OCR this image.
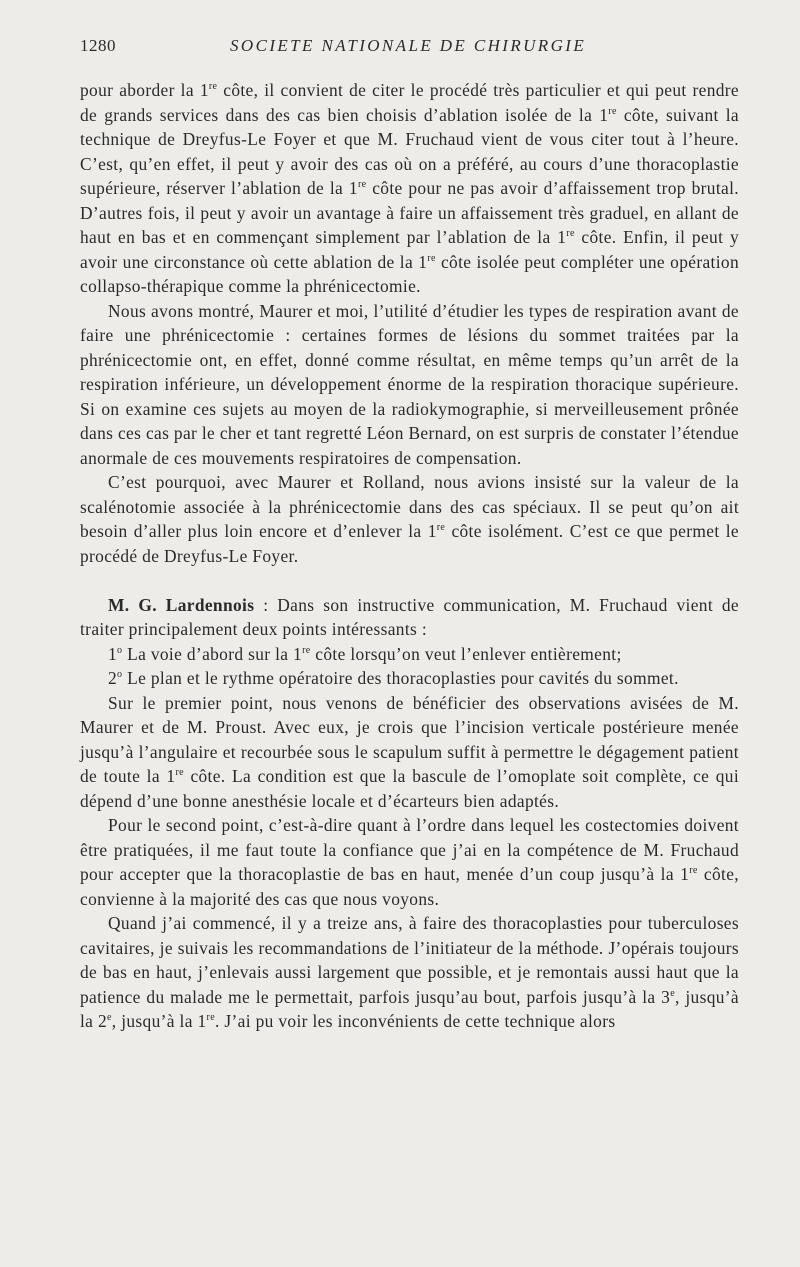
1280	SOCIETE NATIONALE DE CHIRURGIE

pour aborder la 1re côte, il convient de citer le procédé très particulier et qui peut rendre de grands services dans des cas bien choisis d’ablation isolée de la 1re côte, suivant la technique de Dreyfus-Le Foyer et que M. Fruchaud vient de vous citer tout à l’heure. C’est, qu’en effet, il peut y avoir des cas où on a préféré, au cours d’une thoracoplastie supérieure, réserver l’ablation de la 1re côte pour ne pas avoir d’affaissement trop brutal. D’autres fois, il peut y avoir un avantage à faire un affaissement très graduel, en allant de haut en bas et en commençant simplement par l’ablation de la 1re côte. Enfin, il peut y avoir une circonstance où cette ablation de la 1re côte isolée peut compléter une opération collapso-thérapique comme la phrénicectomie.

Nous avons montré, Maurer et moi, l’utilité d’étudier les types de respiration avant de faire une phrénicectomie : certaines formes de lésions du sommet traitées par la phrénicectomie ont, en effet, donné comme résultat, en même temps qu’un arrêt de la respiration inférieure, un développement énorme de la respiration thoracique supérieure. Si on examine ces sujets au moyen de la radiokymographie, si merveilleusement prônée dans ces cas par le cher et tant regretté Léon Bernard, on est surpris de constater l’étendue anormale de ces mouvements respiratoires de compensation.

C’est pourquoi, avec Maurer et Rolland, nous avions insisté sur la valeur de la scalénotomie associée à la phrénicectomie dans des cas spéciaux. Il se peut qu’on ait besoin d’aller plus loin encore et d’enlever la 1re côte isolément. C’est ce que permet le procédé de Dreyfus-Le Foyer.

M. G. Lardennois : Dans son instructive communication, M. Fruchaud vient de traiter principalement deux points intéressants :

1$^o$ La voie d’abord sur la 1re côte lorsqu’on veut l’enlever entièrement;

2$^o$ Le plan et le rythme opératoire des thoracoplasties pour cavités du sommet.

Sur le premier point, nous venons de bénéficier des observations avisées de M. Maurer et de M. Proust. Avec eux, je crois que l’incision verticale postérieure menée jusqu’à l’angulaire et recourbée sous le scapulum suffit à permettre le dégagement patient de toute la 1re côte. La condition est que la bascule de l’omoplate soit complète, ce qui dépend d’une bonne anesthésie locale et d’écarteurs bien adaptés.

Pour le second point, c’est-à-dire quant à l’ordre dans lequel les costectomies doivent être pratiquées, il me faut toute la confiance que j’ai en la compétence de M. Fruchaud pour accepter que la thoracoplastie de bas en haut, menée d’un coup jusqu’à la 1re côte, convienne à la majorité des cas que nous voyons.

Quand j’ai commencé, il y a treize ans, à faire des thoracoplasties pour tuberculoses cavitaires, je suivais les recommandations de l’initiateur de la méthode. J’opérais toujours de bas en haut, j’enlevais aussi largement que possible, et je remontais aussi haut que la patience du malade me le permettait, parfois jusqu’au bout, parfois jusqu’à la 3e, jusqu’à la 2e, jusqu’à la 1re. J’ai pu voir les inconvénients de cette technique alors
